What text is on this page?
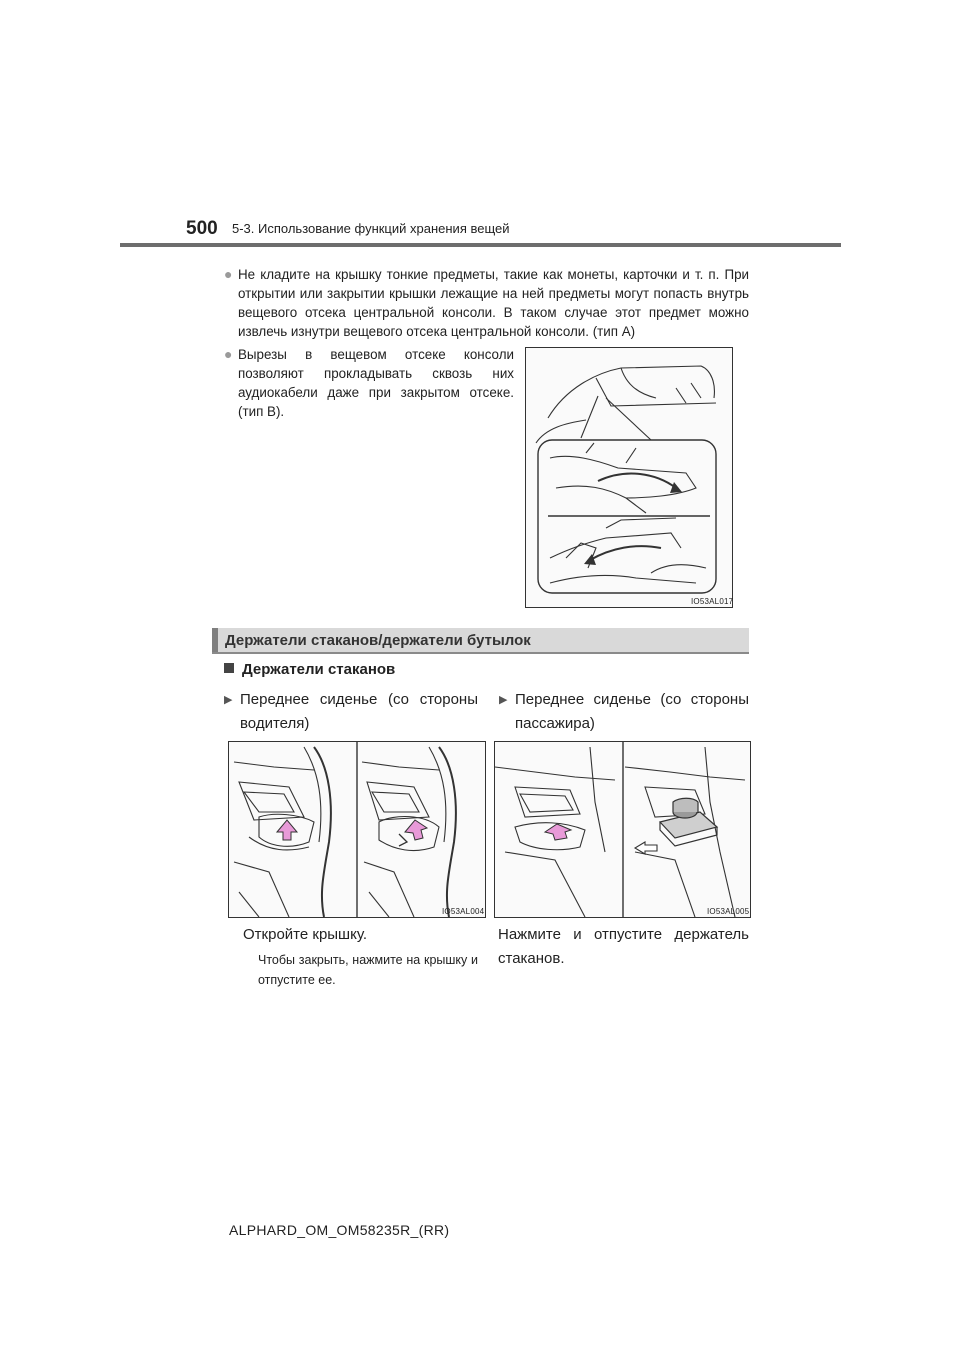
500 5-3. Использование функций хранения вещей
● Не кладите на крышку тонкие предметы, такие как монеты, карточки и т. п. При открытии или закрытии крышки лежащие на ней предметы могут попасть внутрь вещевого отсека центральной консоли. В таком случае этот предмет можно извлечь изнутри вещевого отсека центральной консоли. (тип А)
● Вырезы в вещевом отсеке консоли позволяют прокладывать сквозь них аудиокабели даже при закрытом отсеке. (тип B).
IO53AL017
Держатели стаканов/держатели бутылок
Держатели стаканов
▶ Переднее сиденье (со стороны водителя)
▶ Переднее сиденье (со стороны пассажира)
IO53AL004	IO53AL005
Откройте крышку.
Чтобы закрыть, нажмите на крышку и отпустите ее.
Нажмите и отпустите держатель стаканов.
ALPHARD_OM_OM58235R_(RR)
